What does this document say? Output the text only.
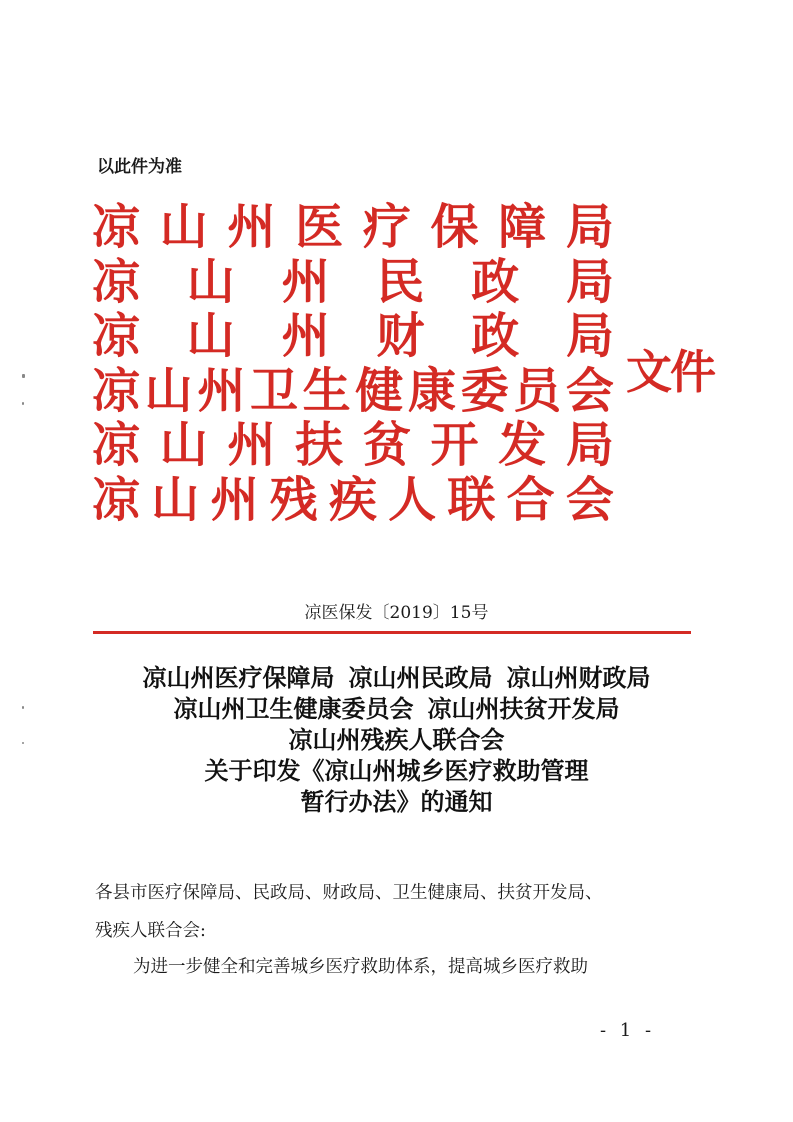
以此件为准
凉 山 州 医 疗 保 障 局
凉 山 州 民 政 局
凉 山 州 财 政 局
凉 山 州 卫 生 健 康 委 员 会
凉 山 州 扶 贫 开 发 局
凉 山 州 残 疾 人 联 合 会
文件
凉医保发〔2019〕15号
凉山州医疗保障局 凉山州民政局 凉山州财政局
凉山州卫生健康委员会 凉山州扶贫开发局
凉山州残疾人联合会
关于印发《凉山州城乡医疗救助管理
暂行办法》的通知
各县市医疗保障局、民政局、财政局、卫生健康局、扶贫开发局、
残疾人联合会:
为进一步健全和完善城乡医疗救助体系，提高城乡医疗救助
- 1 -
